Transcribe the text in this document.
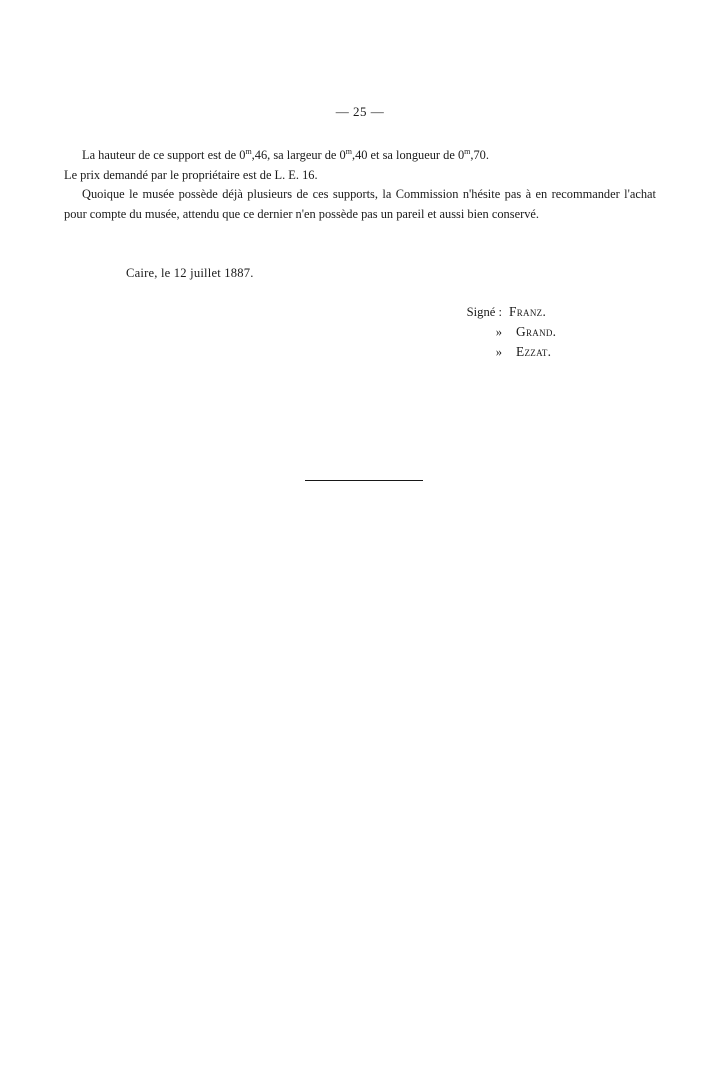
— 25 —

La hauteur de ce support est de 0$^m$,46, sa largeur de 0$^m$,40 et sa longueur de 0$^m$,70.

Le prix demandé par le propriétaire est de L. E. 16.

Quoique le musée possède déjà plusieurs de ces supports, la Commission n'hésite pas à en recommander l'achat pour compte du musée, attendu que ce dernier n'en possède pas un pareil et aussi bien conservé.

Caire, le 12 juillet 1887.
Signé : Franz.
»	Grand.
»	Ezzat.
